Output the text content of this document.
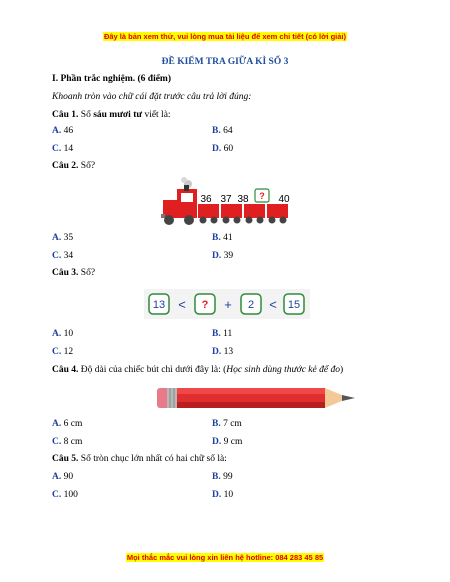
Đây là bản xem thử, vui lòng mua tài liệu để xem chi tiết (có lời giải)
ĐỀ KIỂM TRA GIỮA KÌ SỐ 3
I. Phần trắc nghiệm. (6 điểm)
Khoanh tròn vào chữ cái đặt trước câu trả lời đúng:
Câu 1. Số sáu mươi tư viết là:
A. 46	B. 64
C. 14	D. 60
Câu 2. Số?
36 37 38 ? 40
A. 35	B. 41
C. 34	D. 39
Câu 3. Số?
13 < ? + 2 < 15
A. 10	B. 11
C. 12	D. 13
Câu 4. Độ dài của chiếc bút chì dưới đây là: (Học sinh dùng thước kẻ để đo)
A. 6 cm	B. 7 cm
C. 8 cm	D. 9 cm
Câu 5. Số tròn chục lớn nhất có hai chữ số là:
A. 90	B. 99
C. 100	D. 10
Mọi thắc mắc vui lòng xin liên hệ hotline: 084 283 45 85
